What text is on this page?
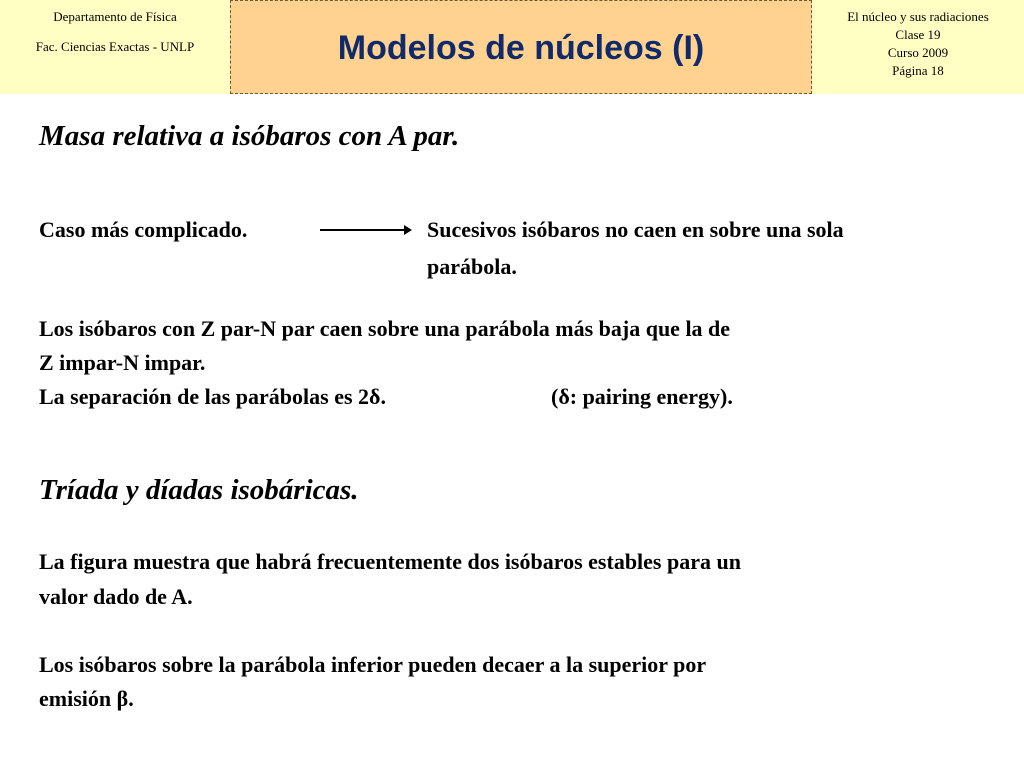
Departamento de Física
Fac. Ciencias Exactas - UNLP	Modelos de núcleos (I)
El núcleo y sus radiaciones
Clase 19
Curso 2009
Página 18
Masa relativa a isóbaros con A par.
Caso más complicado.	Sucesivos isóbaros no caen en sobre una sola
parábola.
Los isóbaros con Z par-N par caen sobre una parábola más baja que la de
Z impar-N impar.
La separación de las parábolas es 2δ.	(δ: pairing energy).
Tríada y díadas isobáricas.
La figura muestra que habrá frecuentemente dos isóbaros estables para un
valor dado de A.
Los isóbaros sobre la parábola inferior pueden decaer a la superior por
emisión β.
